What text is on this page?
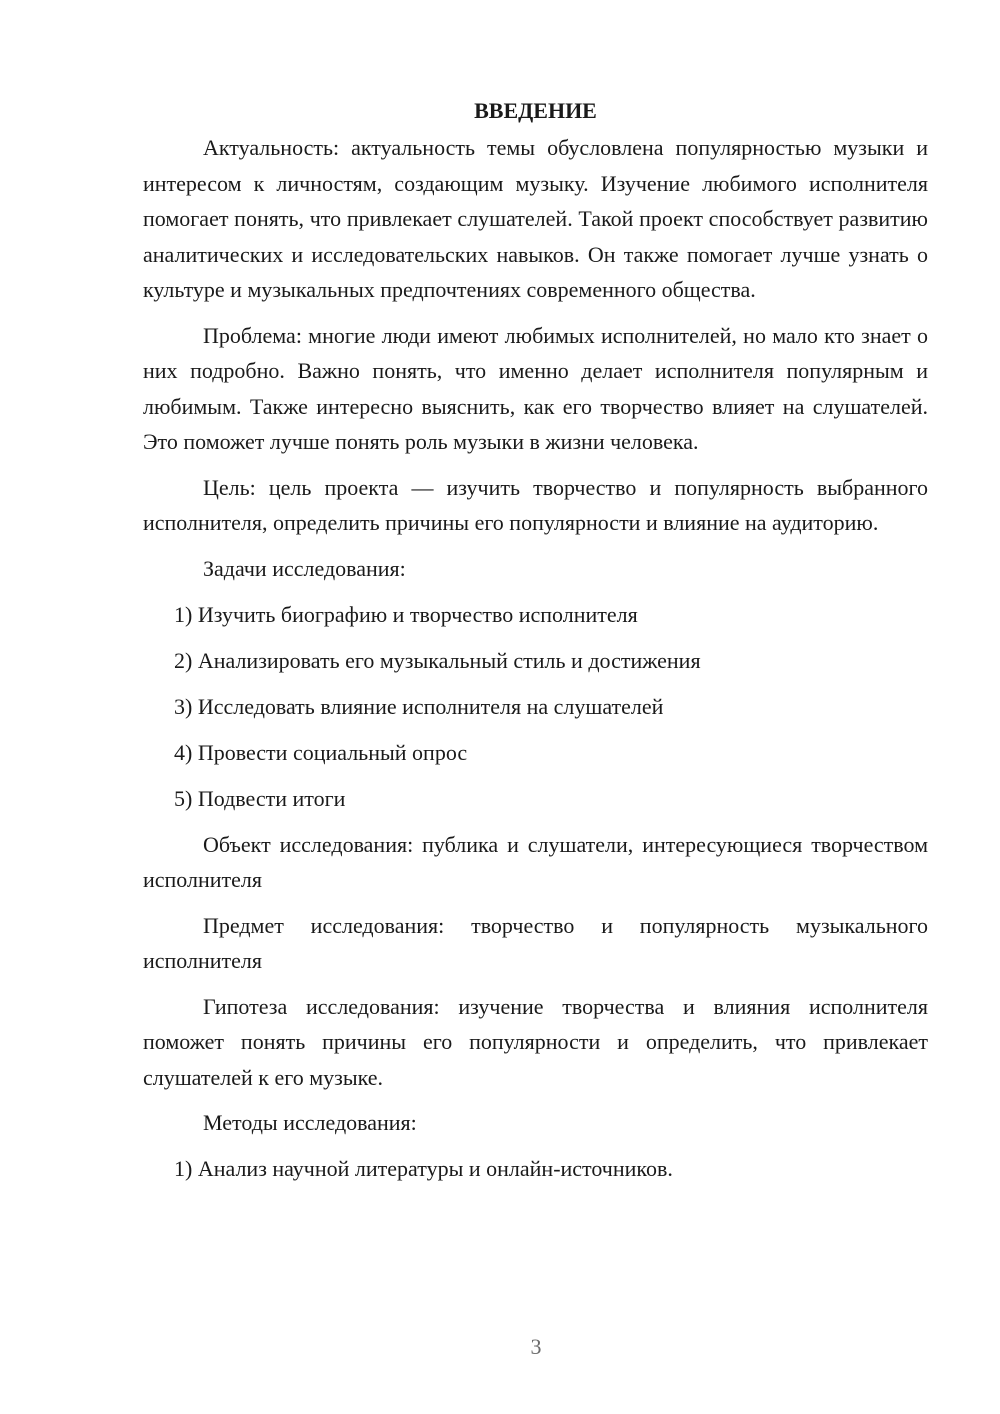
ВВЕДЕНИЕ

Актуальность: актуальность темы обусловлена популярностью музыки и интересом к личностям, создающим музыку. Изучение любимого исполнителя помогает понять, что привлекает слушателей. Такой проект способствует развитию аналитических и исследовательских навыков. Он также помогает лучше узнать о культуре и музыкальных предпочтениях современного общества.

Проблема: многие люди имеют любимых исполнителей, но мало кто знает о них подробно. Важно понять, что именно делает исполнителя популярным и любимым. Также интересно выяснить, как его творчество влияет на слушателей. Это поможет лучше понять роль музыки в жизни человека.

Цель: цель проекта — изучить творчество и популярность выбранного исполнителя, определить причины его популярности и влияние на аудиторию.

Задачи исследования:

1) Изучить биографию и творчество исполнителя
2) Анализировать его музыкальный стиль и достижения
3) Исследовать влияние исполнителя на слушателей
4) Провести социальный опрос
5) Подвести итоги

Объект исследования: публика и слушатели, интересующиеся творчеством исполнителя

Предмет исследования: творчество и популярность музыкального исполнителя

Гипотеза исследования: изучение творчества и влияния исполнителя поможет понять причины его популярности и определить, что привлекает слушателей к его музыке.

Методы исследования:

1) Анализ научной литературы и онлайн-источников.
3
